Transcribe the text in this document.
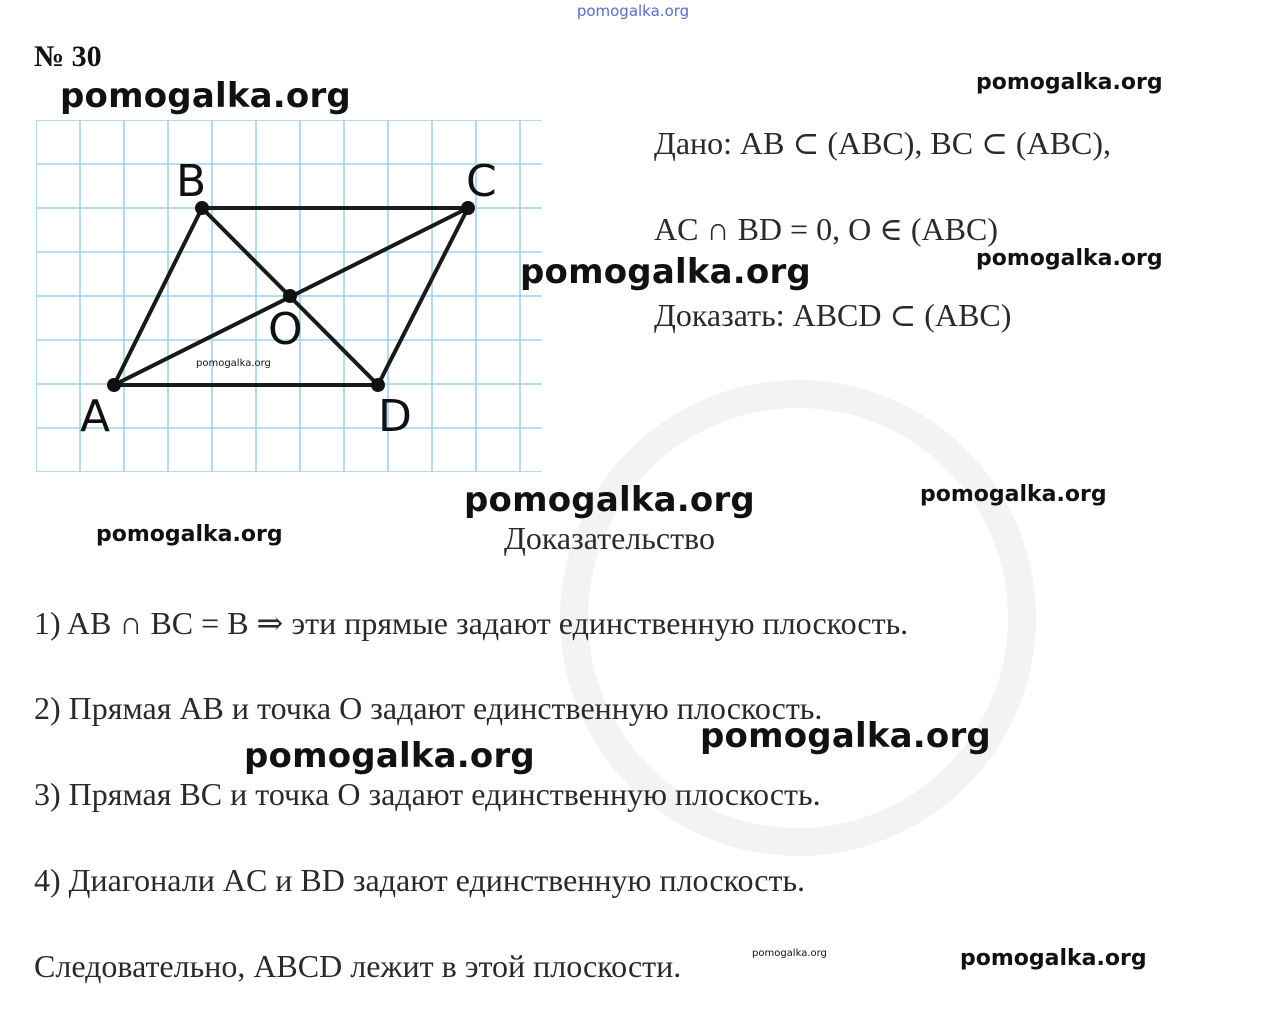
pomogalka.org
№ 30
pomogalka.org	pomogalka.org
B	C
O
A	D
pomogalka.org
Дано: AB ⊂ (ABC), BC ⊂ (ABC),
AC ∩ BD = 0, O ∈ (ABC)
Доказать: ABCD ⊂ (ABC)
pomogalka.org	pomogalka.org
pomogalka.org	pomogalka.org
pomogalka.org	Доказательство
1) AB ∩ BC = B ⇒ эти прямые задают единственную плоскость.
2) Прямая AB и точка O задают единственную плоскость.
pomogalka.org
pomogalka.org
3) Прямая BC и точка O задают единственную плоскость.
4) Диагонали AC и BD задают единственную плоскость.
Следовательно, ABCD лежит в этой плоскости.	pomogalka.org	pomogalka.org
